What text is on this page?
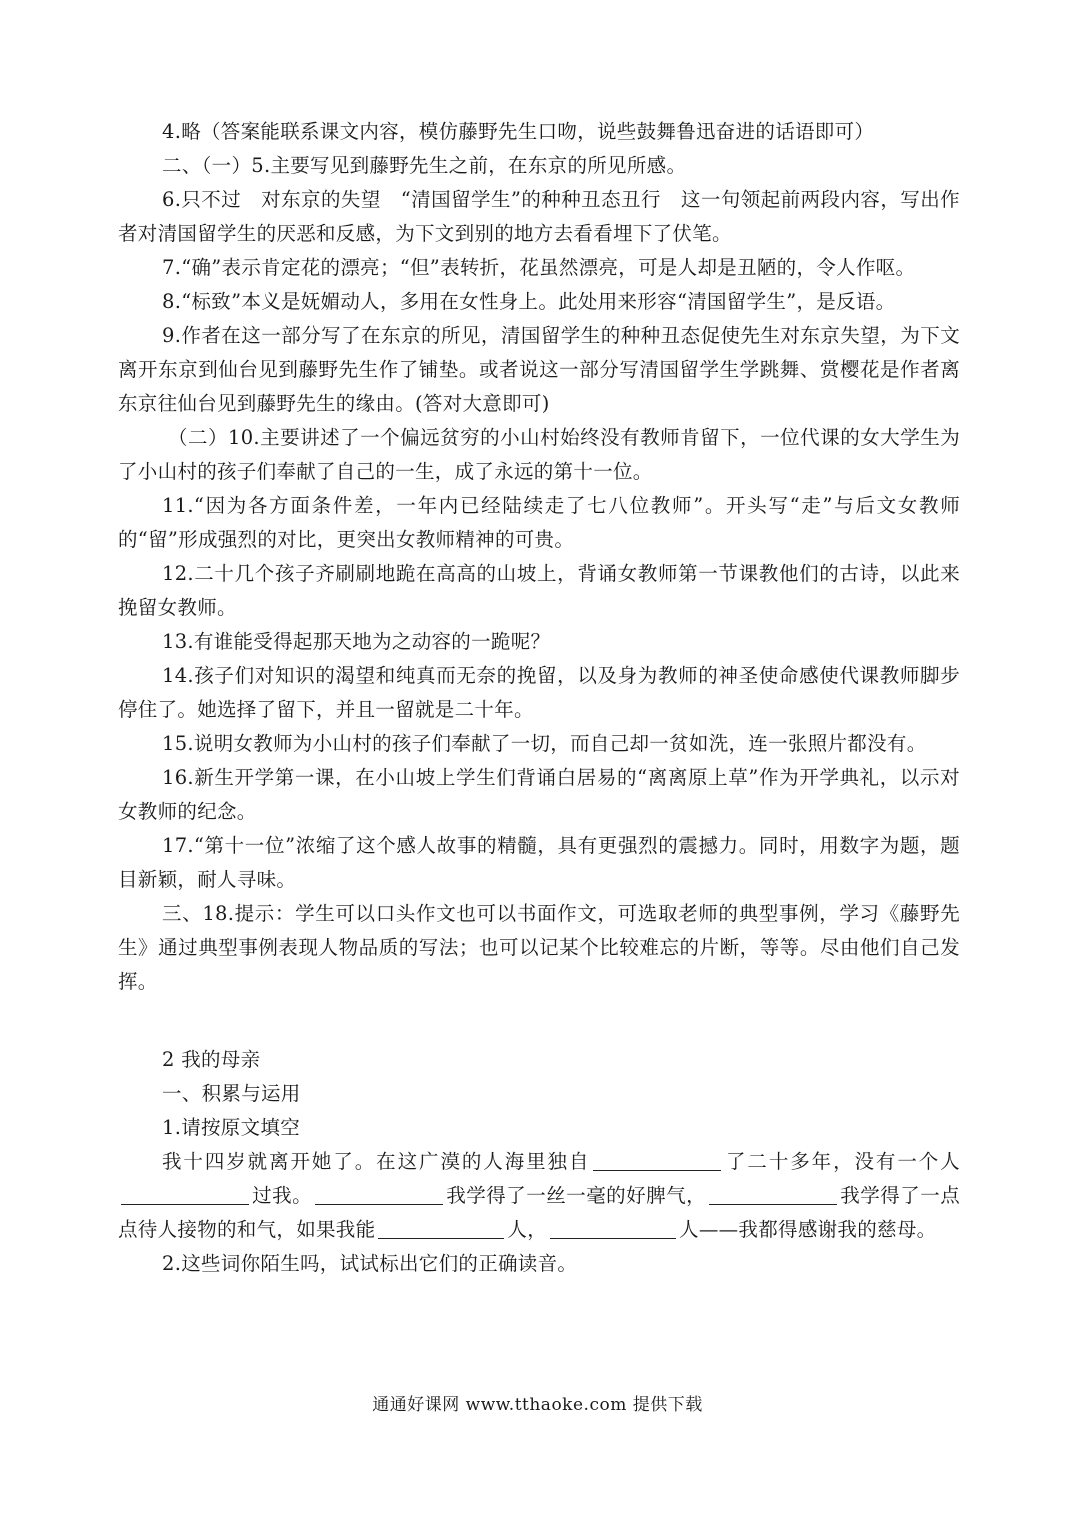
4.略（答案能联系课文内容，模仿藤野先生口吻，说些鼓舞鲁迅奋进的话语即可）

二、（一）5.主要写见到藤野先生之前，在东京的所见所感。

6.只不过　对东京的失望　“清国留学生”的种种丑态丑行　这一句领起前两段内容，写出作者对清国留学生的厌恶和反感，为下文到别的地方去看看埋下了伏笔。

7.“确”表示肯定花的漂亮；“但”表转折，花虽然漂亮，可是人却是丑陋的，令人作呕。

8.“标致”本义是妩媚动人，多用在女性身上。此处用来形容“清国留学生”，是反语。

9.作者在这一部分写了在东京的所见，清国留学生的种种丑态促使先生对东京失望，为下文离开东京到仙台见到藤野先生作了铺垫。或者说这一部分写清国留学生学跳舞、赏樱花是作者离东京往仙台见到藤野先生的缘由。(答对大意即可)

（二）10.主要讲述了一个偏远贫穷的小山村始终没有教师肯留下，一位代课的女大学生为了小山村的孩子们奉献了自己的一生，成了永远的第十一位。

11.“因为各方面条件差，一年内已经陆续走了七八位教师”。开头写“走”与后文女教师的“留”形成强烈的对比，更突出女教师精神的可贵。

12.二十几个孩子齐刷刷地跪在高高的山坡上，背诵女教师第一节课教他们的古诗，以此来挽留女教师。

13.有谁能受得起那天地为之动容的一跪呢？

14.孩子们对知识的渴望和纯真而无奈的挽留，以及身为教师的神圣使命感使代课教师脚步停住了。她选择了留下，并且一留就是二十年。

15.说明女教师为小山村的孩子们奉献了一切，而自己却一贫如洗，连一张照片都没有。

16.新生开学第一课，在小山坡上学生们背诵白居易的“离离原上草”作为开学典礼，以示对女教师的纪念。

17.“第十一位”浓缩了这个感人故事的精髓，具有更强烈的震撼力。同时，用数字为题，题目新颖，耐人寻味。

三、18.提示：学生可以口头作文也可以书面作文，可选取老师的典型事例，学习《藤野先生》通过典型事例表现人物品质的写法；也可以记某个比较难忘的片断，等等。尽由他们自己发挥。

2 我的母亲

一、积累与运用

1.请按原文填空

我十四岁就离开她了。在这广漠的人海里独自	了二十多年，没有一个人过我。	我学得了一丝一毫的好脾气，	我学得了一点点待人接物的和气，如果我能	人，	人——我都得感谢我的慈母。

2.这些词你陌生吗，试试标出它们的正确读音。

通通好课网 www.tthaoke.com 提供下载
